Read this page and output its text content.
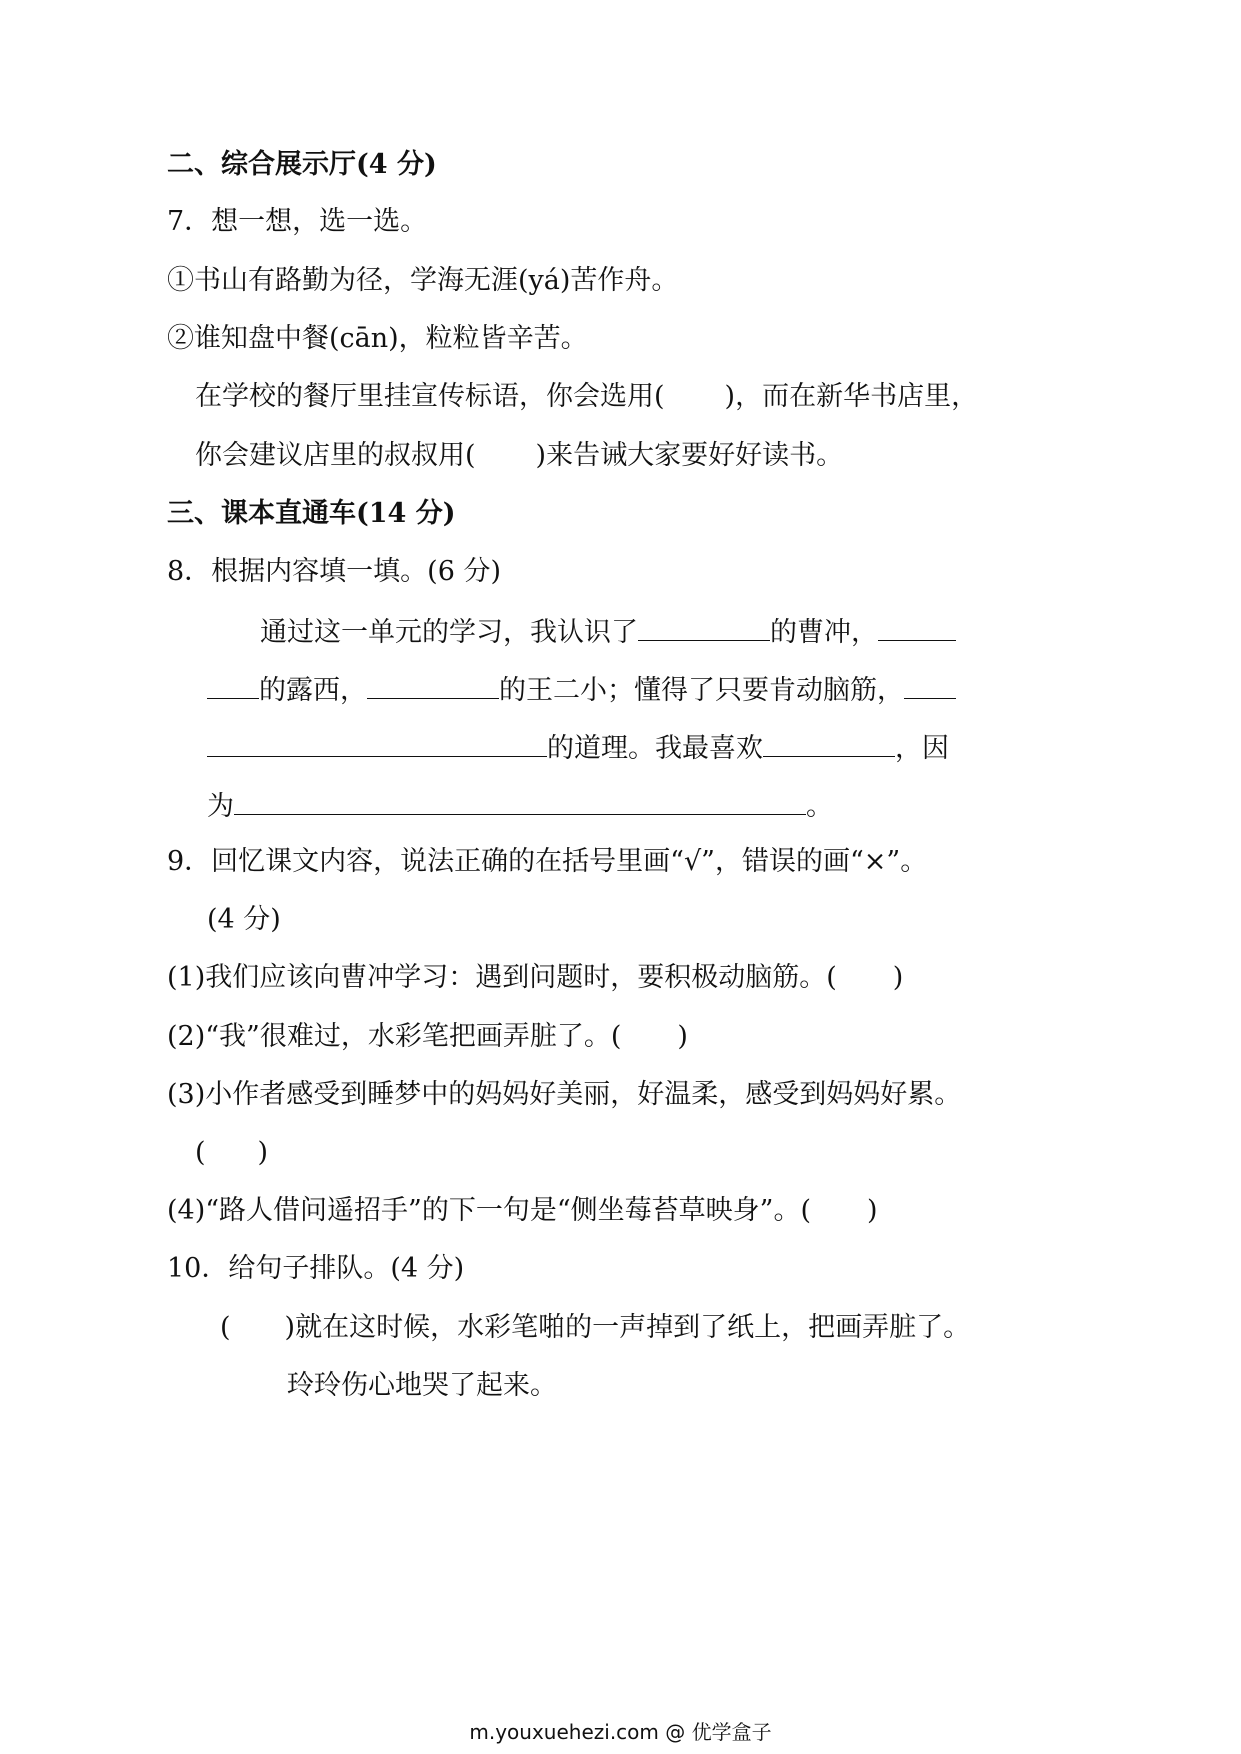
二、综合展示厅(4 分)
7．想一想，选一选。
①书山有路勤为径，学海无涯(yá)苦作舟。
②谁知盘中餐(cān)，粒粒皆辛苦。
在学校的餐厅里挂宣传标语，你会选用( )，而在新华书店里，
你会建议店里的叔叔用( )来告诫大家要好好读书。
三、课本直通车(14 分)
8．根据内容填一填。(6 分)
通过这一单元的学习，我认识了	的曹冲，
的露西，	的王二小；懂得了只要肯动脑筋，
的道理。我最喜欢	，因
为	。
9．回忆课文内容，说法正确的在括号里画“√”，错误的画“×”。
(4 分)
(1)我们应该向曹冲学习：遇到问题时，要积极动脑筋。( )
(2)“我”很难过，水彩笔把画弄脏了。( )
(3)小作者感受到睡梦中的妈妈好美丽，好温柔，感受到妈妈好累。
( )
(4)“路人借问遥招手”的下一句是“侧坐莓苔草映身”。( )
10．给句子排队。(4 分)
( )就在这时候，水彩笔啪的一声掉到了纸上，把画弄脏了。
玲玲伤心地哭了起来。
m.youxuehezi.com @ 优学盒子
